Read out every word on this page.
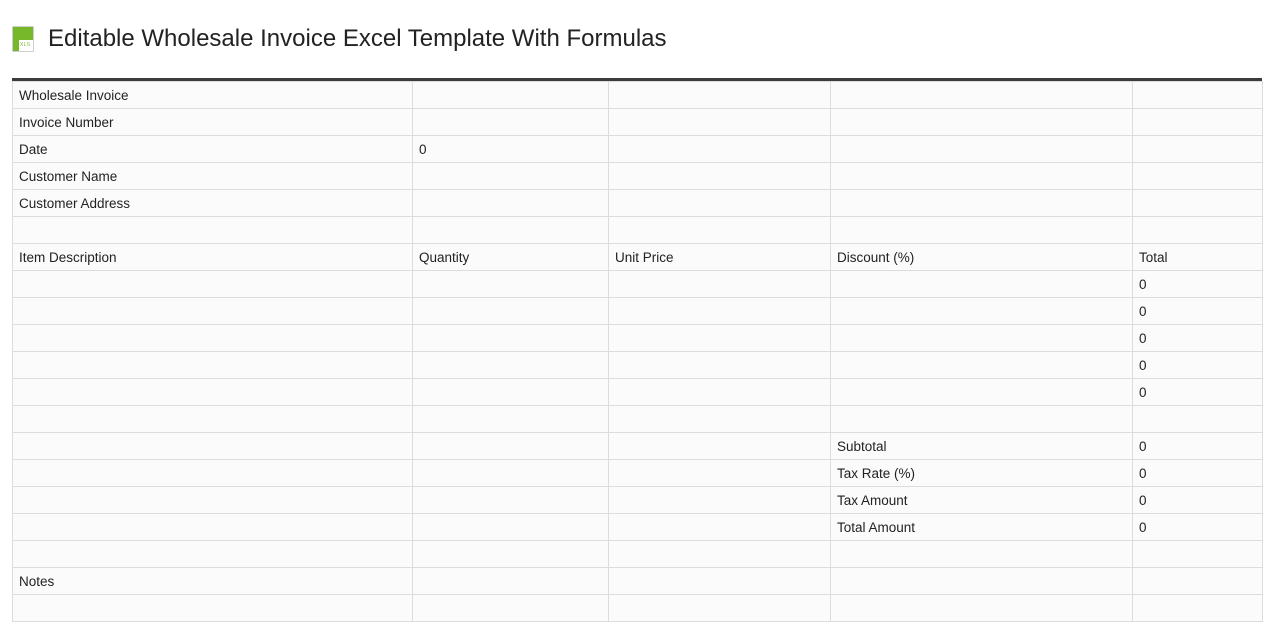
XLS Editable Wholesale Invoice Excel Template With Formulas
Wholesale Invoice				
Invoice Number				
Date	0			
Customer Name				
Customer Address				

Item Description	Quantity	Unit Price	Discount (%)	Total
				0
				0
				0
				0
				0

			Subtotal	0
			Tax Rate (%)	0
			Tax Amount	0
			Total Amount	0

Notes				
